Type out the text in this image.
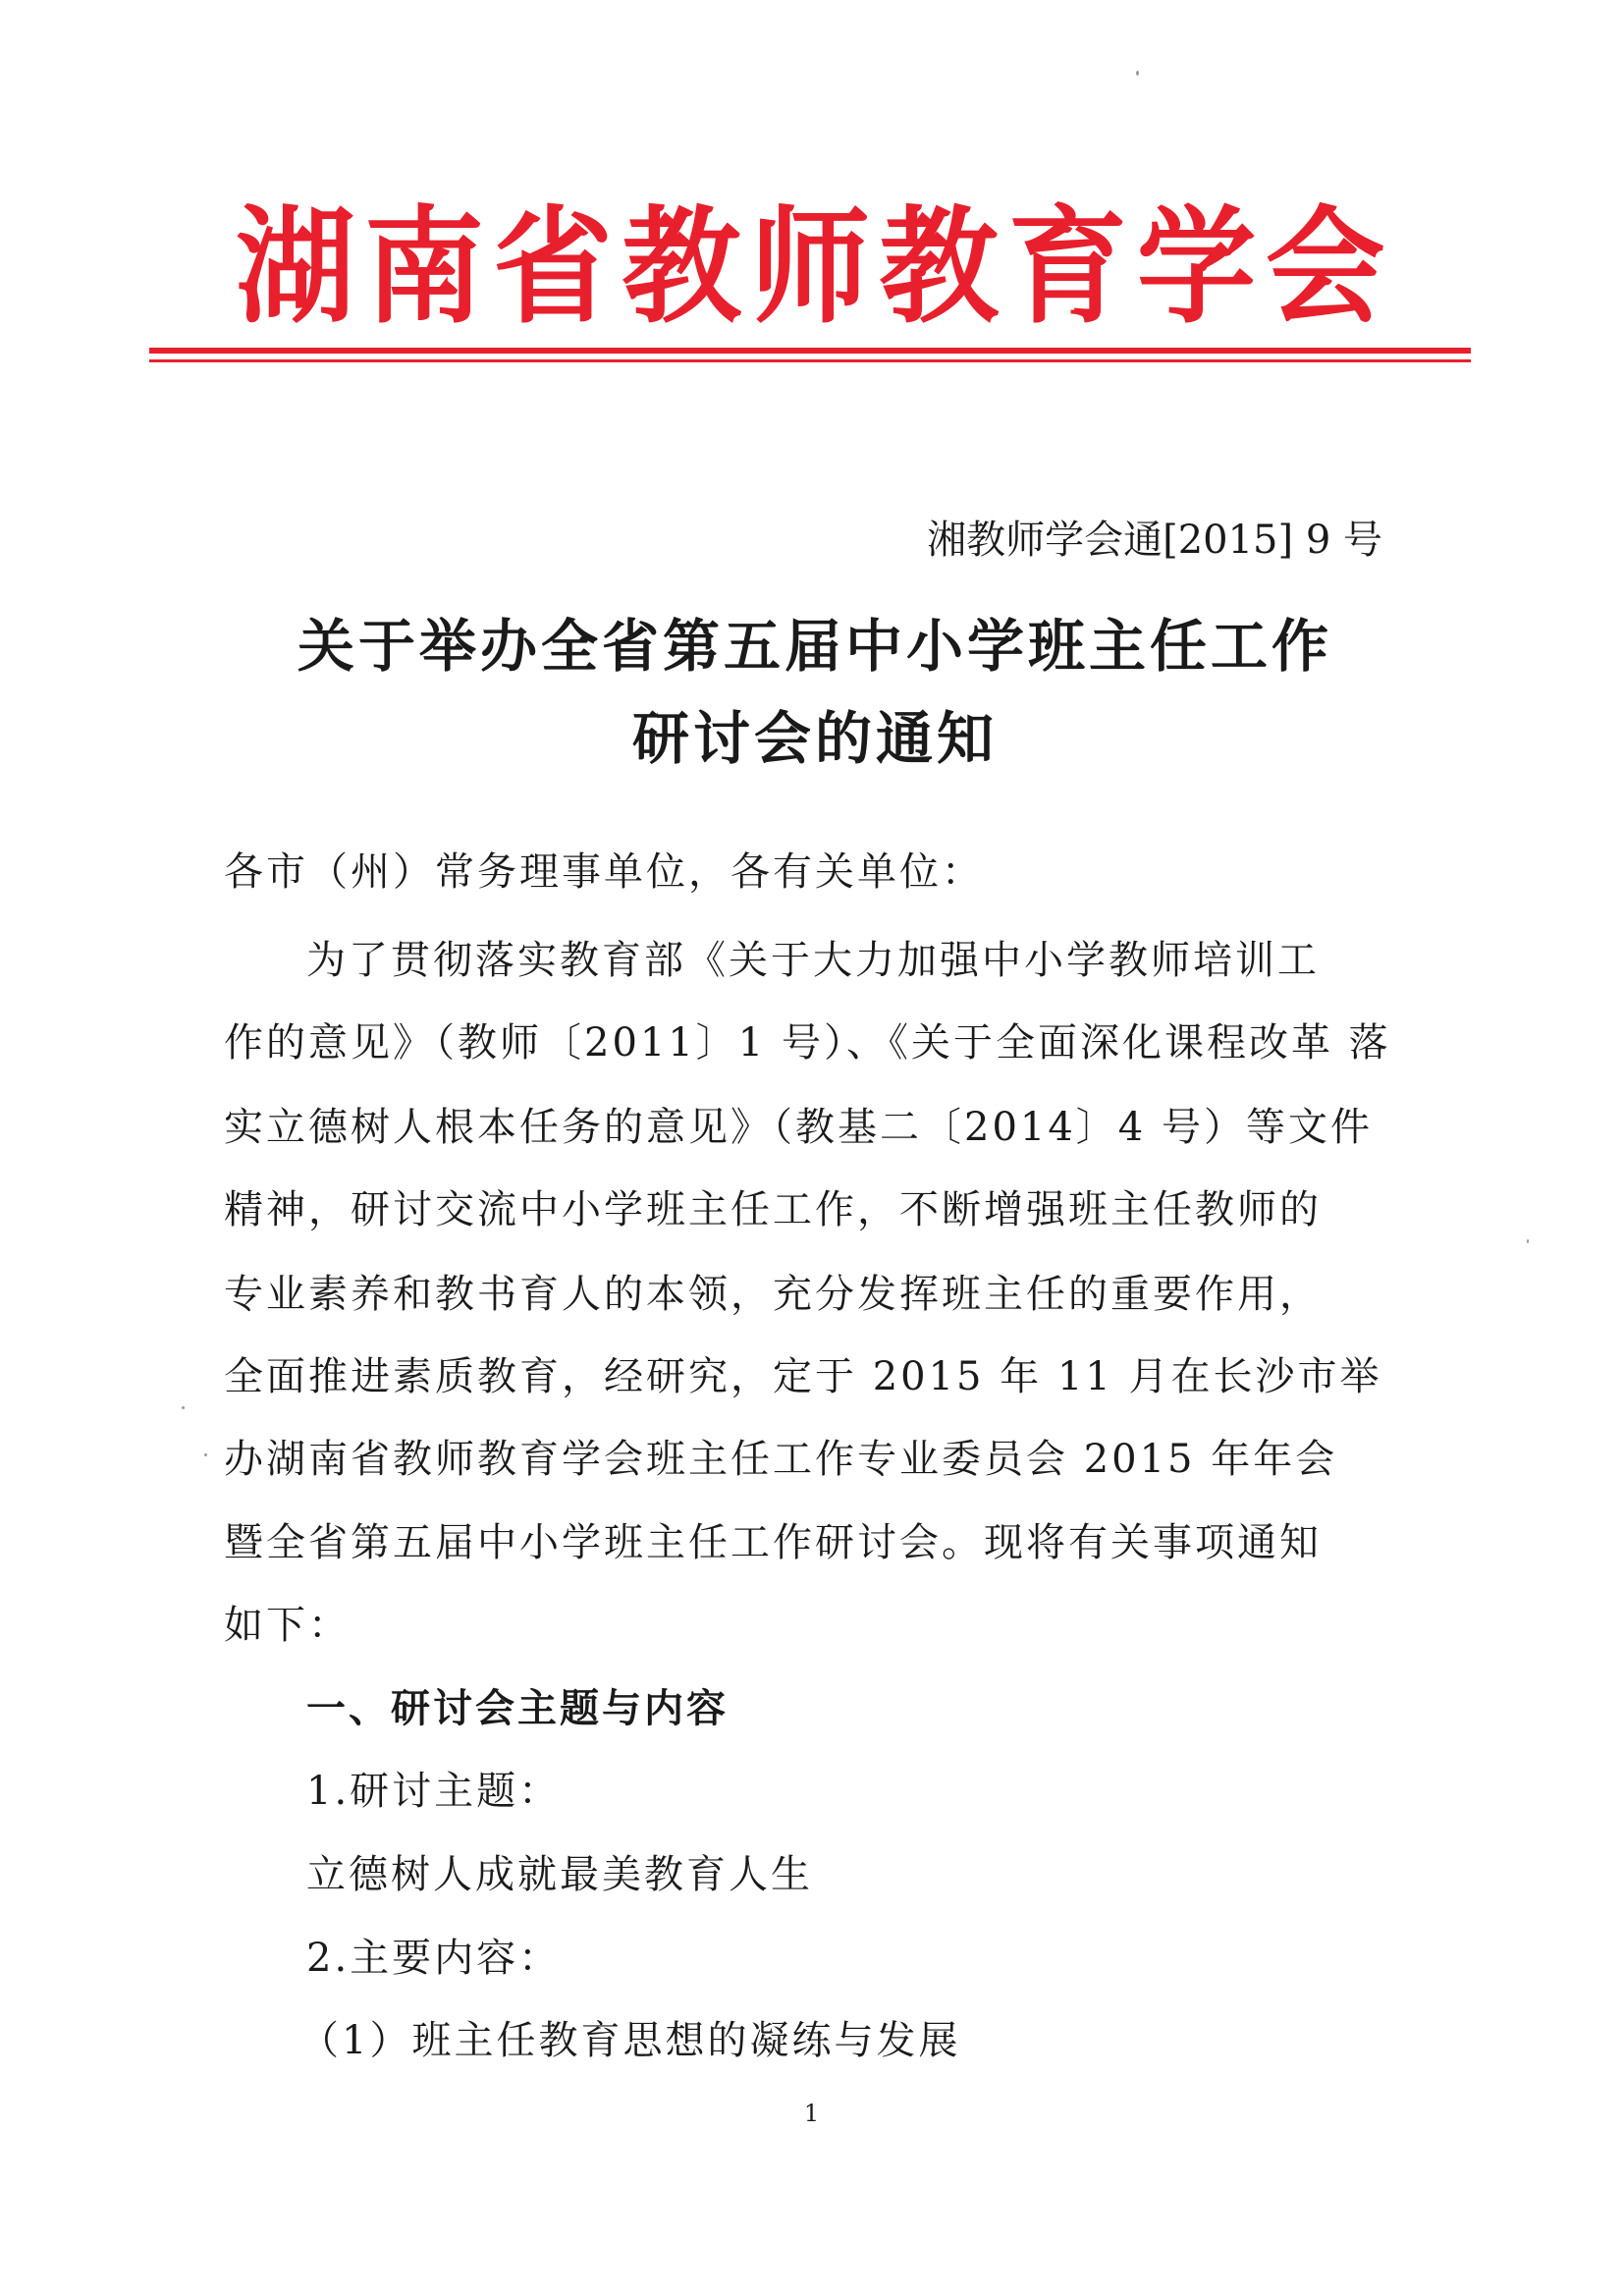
湖南省教师教育学会
湘教师学会通[2015] 9 号
关于举办全省第五届中小学班主任工作
研讨会的通知
各市（州）常务理事单位，各有关单位：
为了贯彻落实教育部《关于大力加强中小学教师培训工
作的意见》（教师〔2011〕1 号）、《关于全面深化课程改革 落
实立德树人根本任务的意见》（教基二〔2014〕4 号）等文件
精神，研讨交流中小学班主任工作，不断增强班主任教师的
专业素养和教书育人的本领，充分发挥班主任的重要作用，
全面推进素质教育，经研究，定于 2015 年 11 月在长沙市举
办湖南省教师教育学会班主任工作专业委员会 2015 年年会
暨全省第五届中小学班主任工作研讨会。现将有关事项通知
如下：
一、研讨会主题与内容
1.研讨主题：
立德树人成就最美教育人生
2.主要内容：
（1）班主任教育思想的凝练与发展
1
